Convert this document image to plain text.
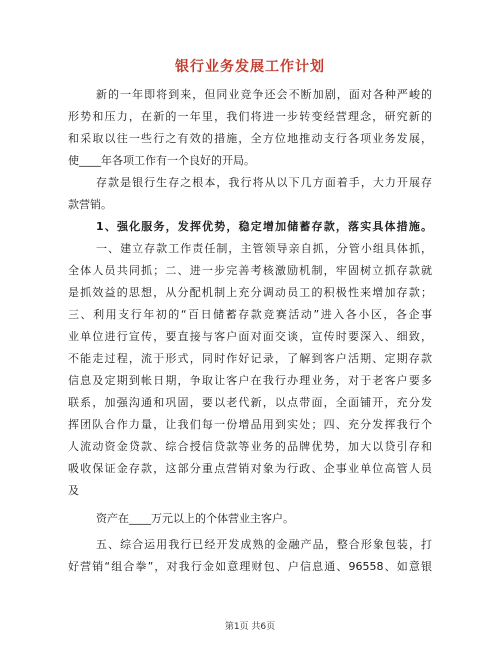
银行业务发展工作计划
新的一年即将到来，但同业竞争还会不断加剧，面对各种严峻的
形势和压力，在新的一年里，我们将进一步转变经营理念，研究新的
和采取以往一些行之有效的措施，全方位地推动支行各项业务发展，
使____年各项工作有一个良好的开局。
存款是银行生存之根本，我行将从以下几方面着手，大力开展存
款营销。
1、强化服务，发挥优势，稳定增加储蓄存款，落实具体措施。
一、建立存款工作责任制，主管领导亲自抓，分管小组具体抓，
全体人员共同抓；二、进一步完善考核激励机制，牢固树立抓存款就
是抓效益的思想，从分配机制上充分调动员工的积极性来增加存款；
三、利用支行年初的“百日储蓄存款竞赛活动”进入各小区，各企事
业单位进行宣传，要直接与客户面对面交谈，宣传时要深入、细致，
不能走过程，流于形式，同时作好记录，了解到客户活期、定期存款
信息及定期到帐日期，争取让客户在我行办理业务，对于老客户要多
联系，加强沟通和巩固，要以老代新，以点带面，全面铺开，充分发
挥团队合作力量，让我们每一份增品用到实处；四、充分发挥我行个
人流动资金贷款、综合授信贷款等业务的品牌优势，加大以贷引存和
吸收保证金存款，这部分重点营销对象为行政、企事业单位高管人员
及
资产在____万元以上的个体营业主客户。
五、综合运用我行已经开发成熟的金融产品，整合形象包装，打
好营销“组合拳”，对我行金如意理财包、户信息通、96558、如意银
第1页 共6页
